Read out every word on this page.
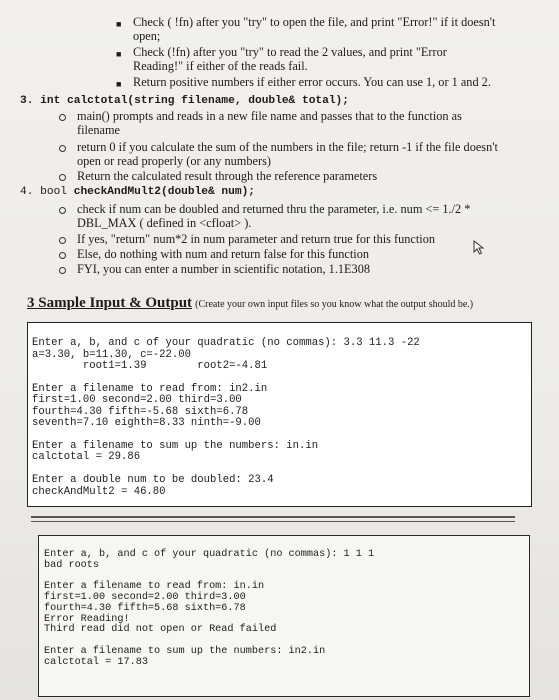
■ Check ( !fn) after you "try" to open the file, and print "Error!" if it doesn't
open;
■ Check (!fn) after you "try" to read the 2 values, and print "Error
Reading!" if either of the reads fail.
■ Return positive numbers if either error occurs. You can use 1, or 1 and 2.
3. int calctotal(string filename, double& total);
main() prompts and reads in a new file name and passes that to the function as
filename
return 0 if you calculate the sum of the numbers in the file; return -1 if the file doesn't
open or read properly (or any numbers)
Return the calculated result through the reference parameters
4. bool checkAndMult2(double& num);
check if num can be doubled and returned thru the parameter, i.e. num <= 1./2 *
DBL_MAX ( defined in <cfloat> ).
If yes, "return" num*2 in num parameter and return true for this function
Else, do nothing with num and return false for this function
FYI, you can enter a number in scientific notation, 1.1E308
3 Sample Input & Output (Create your own input files so you know what the output should be.)

Enter a, b, and c of your quadratic (no commas): 3.3 11.3 -22
a=3.30, b=11.30, c=-22.00
root1=1.39        root2=-4.81

Enter a filename to read from: in2.in
first=1.00 second=2.00 third=3.00
fourth=4.30 fifth=-5.68 sixth=6.78
seventh=7.10 eighth=8.33 ninth=-9.00

Enter a filename to sum up the numbers: in.in
calctotal = 29.86

Enter a double num to be doubled: 23.4
checkAndMult2 = 46.80

Enter a, b, and c of your quadratic (no commas): 1 1 1
bad roots

Enter a filename to read from: in.in
first=1.00 second=2.00 third=3.00
fourth=4.30 fifth=5.68 sixth=6.78
Error Reading!
Third read did not open or Read failed

Enter a filename to sum up the numbers: in2.in
calctotal = 17.83
